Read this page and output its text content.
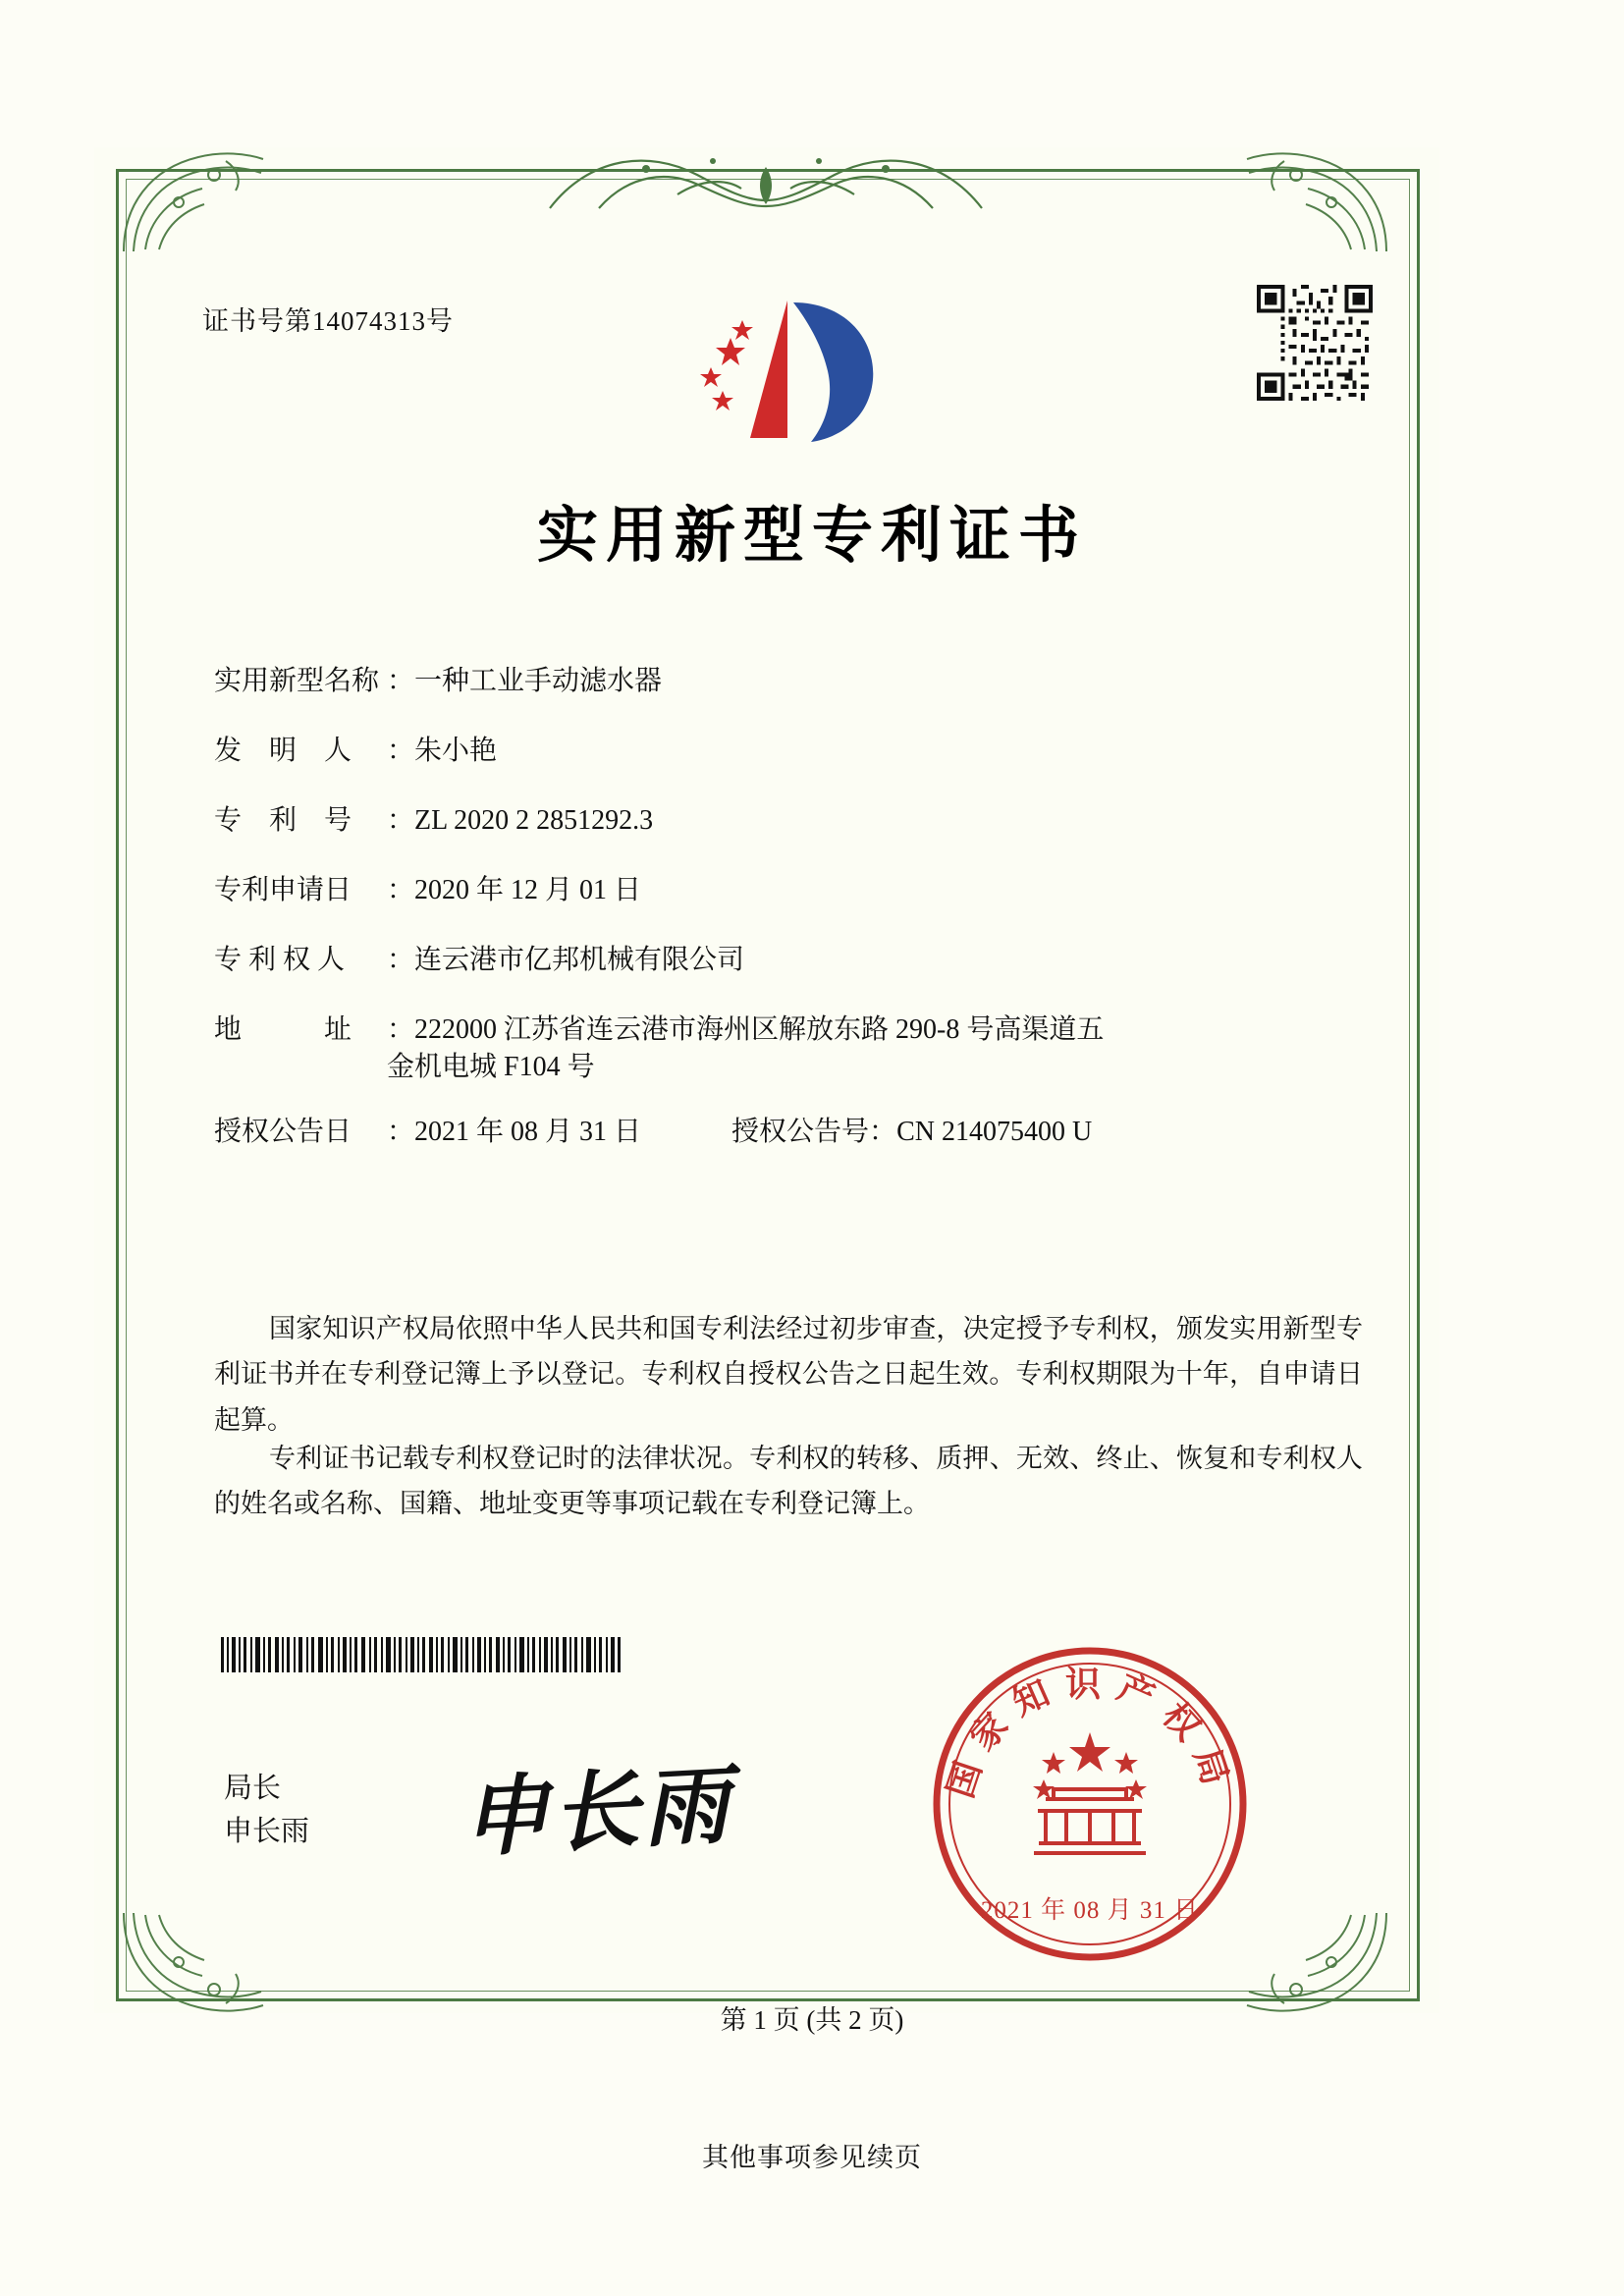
证书号第14074313号
实用新型专利证书
实用新型名称 ： 一种工业手动滤水器
发　明　人	： 朱小艳
专　利　号	： ZL 2020 2 2851292.3
专利申请日	： 2020 年 12 月 01 日
专 利 权 人	： 连云港市亿邦机械有限公司
地　　　址	： 222000 江苏省连云港市海州区解放东路 290-8 号高渠道五
金机电城 F104 号
授权公告日	： 2021 年 08 月 31 日	授权公告号 ： CN 214075400 U
国家知识产权局依照中华人民共和国专利法经过初步审查，决定授予专利权，颁发实用新型专利证书并在专利登记簿上予以登记。专利权自授权公告之日起生效。专利权期限为十年，自申请日起算。
专利证书记载专利权登记时的法律状况。专利权的转移、质押、无效、终止、恢复和专利权人的姓名或名称、国籍、地址变更等事项记载在专利登记簿上。
局长
申长雨 申长雨	国家知识产权局
2021 年 08 月 31 日
第 1 页 (共 2 页)
其他事项参见续页
